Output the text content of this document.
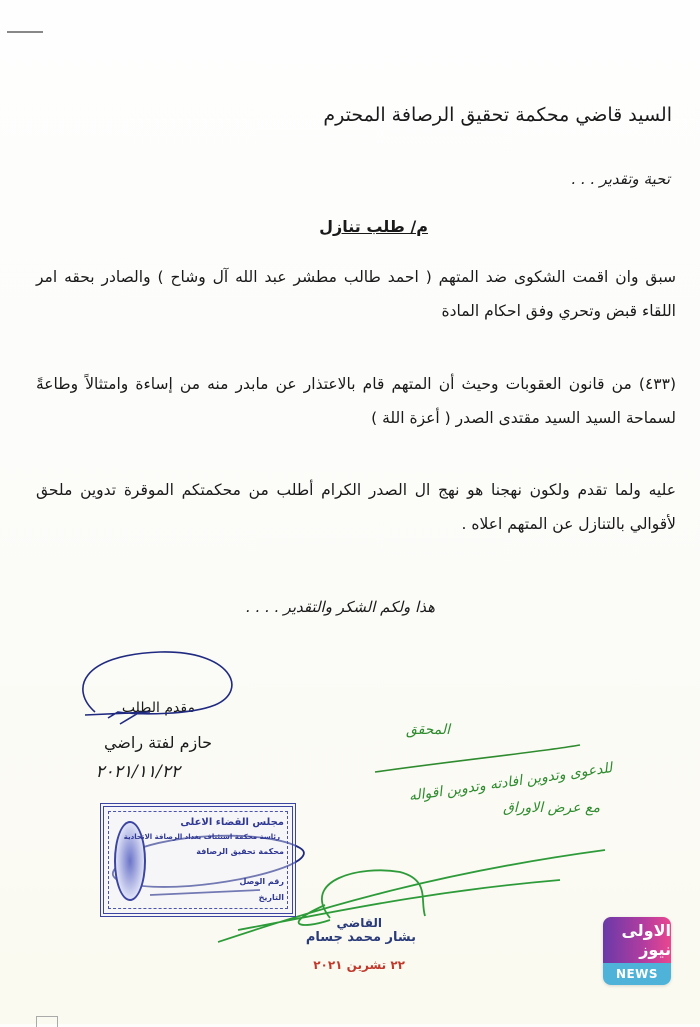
السيد قاضي محكمة تحقيق الرصافة المحترم
تحية وتقدير . . .
م/ طلب تنازل
سبق وان اقمت الشكوى ضد المتهم ( احمد طالب مطشر عبد الله آل وشاح ) والصادر بحقه امر اللقاء قبض وتحري وفق احكام المادة
(٤٣٣) من قانون العقوبات وحيث أن المتهم قام بالاعتذار عن مابدر منه من إساءة وامتثالاً وطاعةً لسماحة السيد السيد مقتدى الصدر ( أعزة اللة )
عليه ولما تقدم ولكون نهجنا هو نهج ال الصدر الكرام أطلب من محكمتكم الموقرة تدوين ملحق لأقوالي بالتنازل عن المتهم اعلاه .
هذا ولكم الشكر والتقدير . . . .
مقدم الطلب
حازم لفتة راضي
٢٠٢١/١١/٢٢
المحقق
للدعوى وتدوين افادته وتدوين اقواله
مع عرض الاوراق
مجلس القضاء الاعلى
رئاسة محكمة استئناف بغداد الرصافة الاتحادية
محكمة تحقيق الرصافة
رقم الوصل
التاريخ
القاضي
بشار محمد جسام
٢٢ تشرين ٢٠٢١
الاولى نيوز
NEWS
